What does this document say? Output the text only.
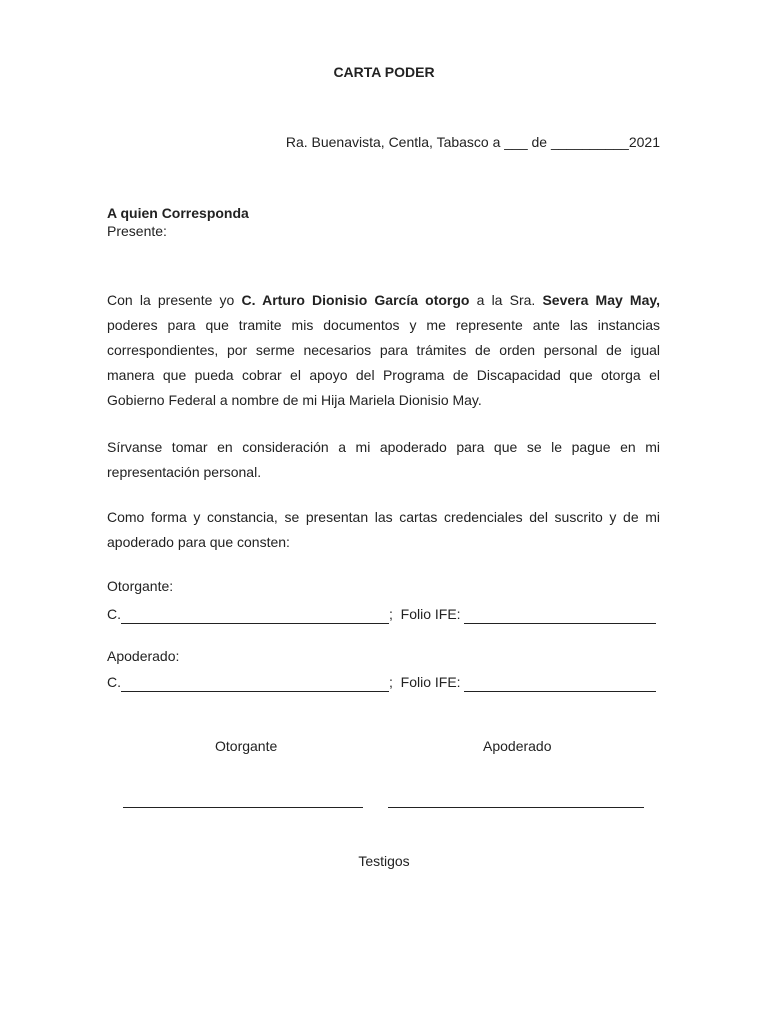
CARTA PODER
Ra. Buenavista, Centla, Tabasco a ___ de __________2021
A quien Corresponda
Presente:
Con la presente yo C. Arturo Dionisio García otorgo a la Sra. Severa May May, poderes para que tramite mis documentos y me represente ante las instancias correspondientes, por serme necesarios para trámites de orden personal de igual manera que pueda cobrar el apoyo del Programa de Discapacidad que otorga el Gobierno Federal a nombre de mi Hija Mariela Dionisio May.
Sírvanse tomar en consideración a mi apoderado para que se le pague en mi representación personal.
Como forma y constancia, se presentan las cartas credenciales del suscrito y de mi apoderado para que consten:
Otorgante:
C.	;  Folio IFE:
Apoderado:
C.	;  Folio IFE:
Otorgante	Apoderado
Testigos
